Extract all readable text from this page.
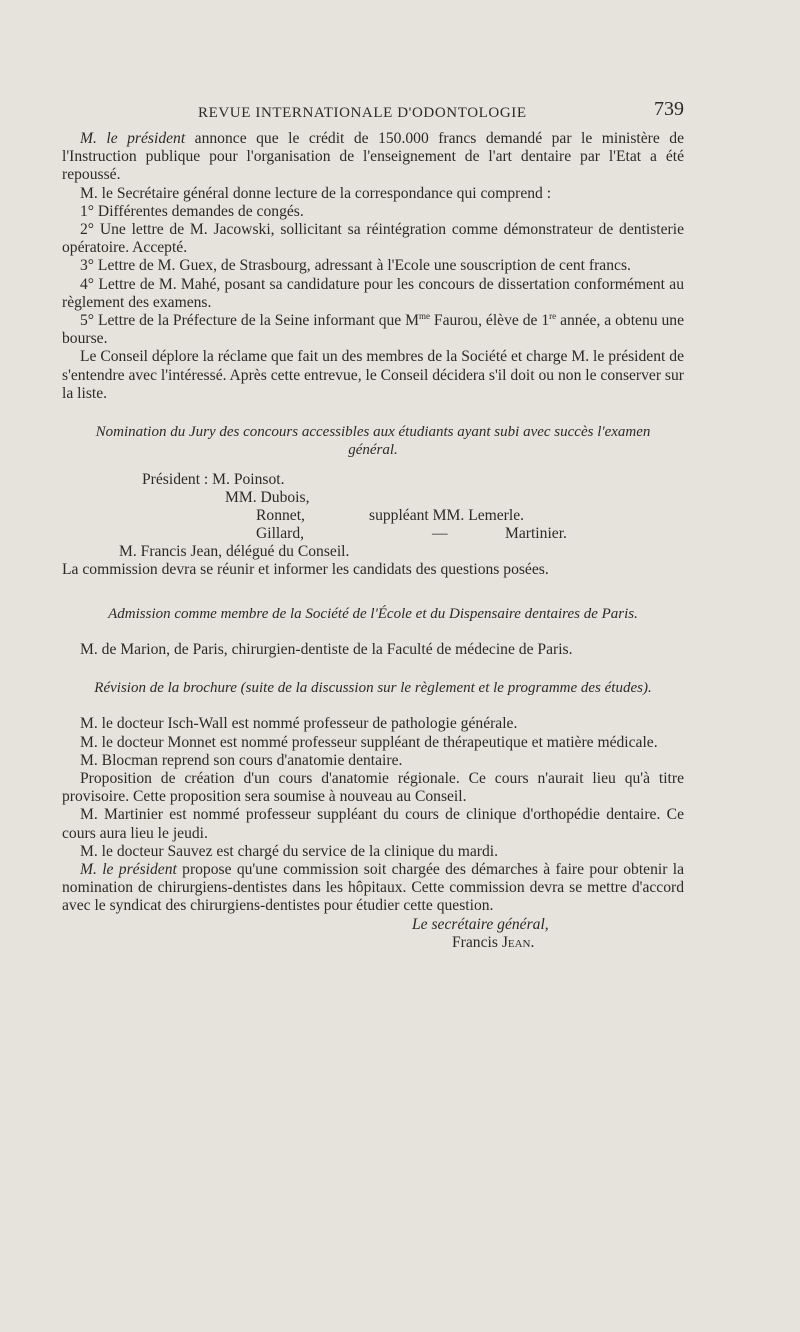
REVUE INTERNATIONALE D'ODONTOLOGIE	739

M. le président annonce que le crédit de 150.000 francs demandé par le ministère de l'Instruction publique pour l'organisation de l'enseignement de l'art dentaire par l'Etat a été repoussé.

M. le Secrétaire général donne lecture de la correspondance qui comprend :

1° Différentes demandes de congés.

2° Une lettre de M. Jacowski, sollicitant sa réintégration comme démonstrateur de dentisterie opératoire. Accepté.

3° Lettre de M. Guex, de Strasbourg, adressant à l'Ecole une souscription de cent francs.

4° Lettre de M. Mahé, posant sa candidature pour les concours de dissertation conformément au règlement des examens.

5° Lettre de la Préfecture de la Seine informant que $M^{me}$ Faurou, élève de 1re année, a obtenu une bourse.

Le Conseil déplore la réclame que fait un des membres de la Société et charge M. le président de s'entendre avec l'intéressé. Après cette entrevue, le Conseil décidera s'il doit ou non le conserver sur la liste.

Nomination du Jury des concours accessibles aux étudiants ayant subi avec succès l'examen général.
Président : M. Poinsot.
MM. Dubois,
Ronnet,	suppléant MM. Lemerle.
Gillard,	—	Martinier.
M. Francis Jean, délégué du Conseil.

La commission devra se réunir et informer les candidats des questions posées.

Admission comme membre de la Société de l'École et du Dispensaire dentaires de Paris.

M. de Marion, de Paris, chirurgien-dentiste de la Faculté de médecine de Paris.

Révision de la brochure (suite de la discussion sur le règlement et le programme des études).

M. le docteur Isch-Wall est nommé professeur de pathologie générale.

M. le docteur Monnet est nommé professeur suppléant de thérapeutique et matière médicale.

M. Blocman reprend son cours d'anatomie dentaire.

Proposition de création d'un cours d'anatomie régionale. Ce cours n'aurait lieu qu'à titre provisoire. Cette proposition sera soumise à nouveau au Conseil.

M. Martinier est nommé professeur suppléant du cours de clinique d'orthopédie dentaire. Ce cours aura lieu le jeudi.

M. le docteur Sauvez est chargé du service de la clinique du mardi.

M. le président propose qu'une commission soit chargée des démarches à faire pour obtenir la nomination de chirurgiens-dentistes dans les hôpitaux. Cette commission devra se mettre d'accord avec le syndicat des chirurgiens-dentistes pour étudier cette question.

Le secrétaire général,

Francis Jean.
